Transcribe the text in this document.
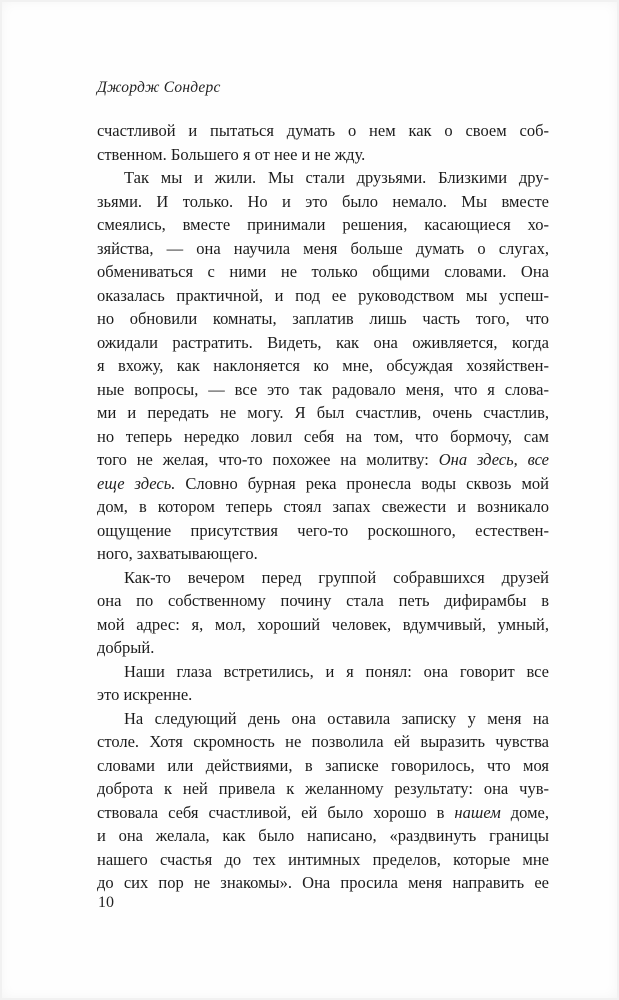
Джордж Сондерс
счастливой и пытаться думать о нем как о своем соб-
ственном. Большего я от нее и не жду.
Так мы и жили. Мы стали друзьями. Близкими дру-
зьями. И только. Но и это было немало. Мы вместе
смеялись, вместе принимали решения, касающиеся хо-
зяйства, — она научила меня больше думать о слугах,
обмениваться с ними не только общими словами. Она
оказалась практичной, и под ее руководством мы успеш-
но обновили комнаты, заплатив лишь часть того, что
ожидали растратить. Видеть, как она оживляется, когда
я вхожу, как наклоняется ко мне, обсуждая хозяйствен-
ные вопросы, — все это так радовало меня, что я слова-
ми и передать не могу. Я был счастлив, очень счастлив,
но теперь нередко ловил себя на том, что бормочу, сам
того не желая, что-то похожее на молитву: Она здесь, все
еще здесь. Словно бурная река пронесла воды сквозь мой
дом, в котором теперь стоял запах свежести и возникало
ощущение присутствия чего-то роскошного, естествен-
ного, захватывающего.
Как-то вечером перед группой собравшихся друзей
она по собственному почину стала петь дифирамбы в
мой адрес: я, мол, хороший человек, вдумчивый, умный,
добрый.
Наши глаза встретились, и я понял: она говорит все
это искренне.
На следующий день она оставила записку у меня на
столе. Хотя скромность не позволила ей выразить чувства
словами или действиями, в записке говорилось, что моя
доброта к ней привела к желанному результату: она чув-
ствовала себя счастливой, ей было хорошо в нашем доме,
и она желала, как было написано, «раздвинуть границы
нашего счастья до тех интимных пределов, которые мне
до сих пор не знакомы». Она просила меня направить ее
10
